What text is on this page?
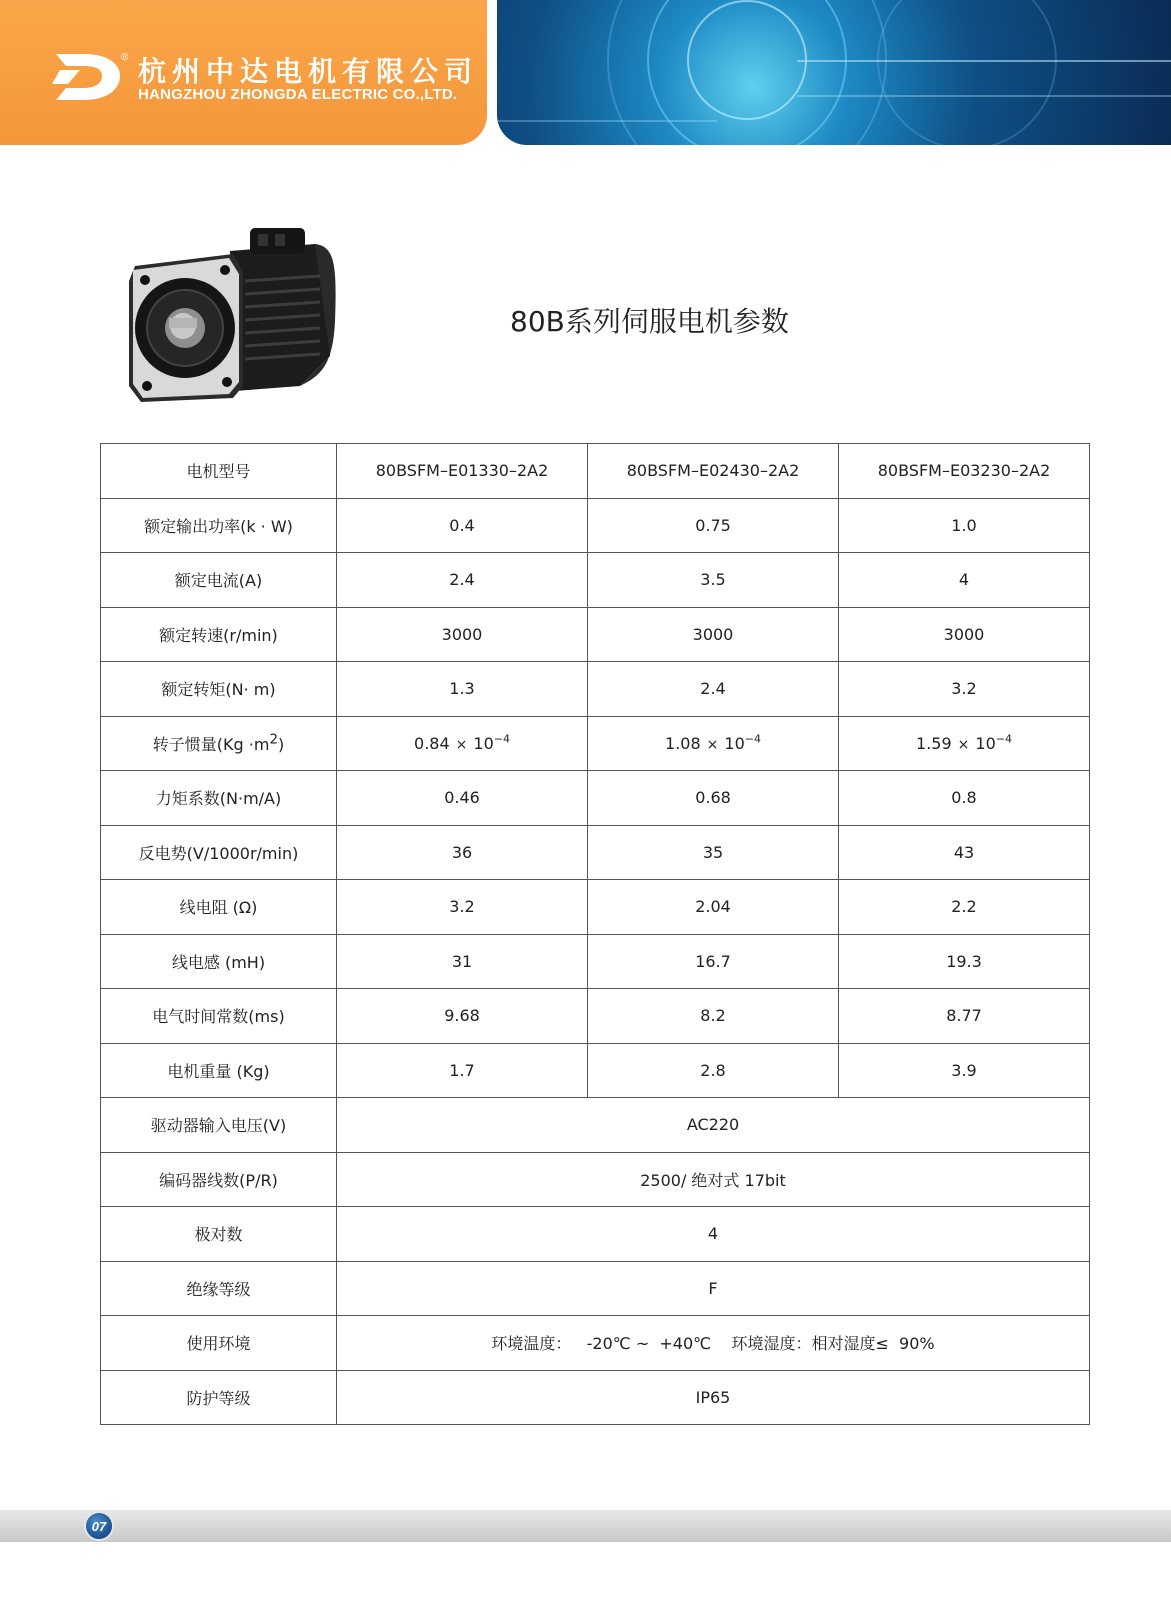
® 杭州中达电机有限公司
HANGZHOU ZHONGDA ELECTRIC CO.,LTD.
80B系列伺服电机参数
电机型号	80BSFM–E01330–2A2	80BSFM–E02430–2A2	80BSFM–E03230–2A2
额定输出功率(k · W)	0.4	0.75	1.0
额定电流(A)	2.4	3.5	4
额定转速(r/min)	3000	3000	3000
额定转矩(N· m)	1.3	2.4	3.2
转子惯量$(Kg \cdot m^2)$	$0.84 \times 10^{-4}$	$1.08 \times 10^{-4}$	$1.59 \times 10^{-4}$
力矩系数(N·m/A)	0.46	0.68	0.8
反电势(V/1000r/min)	36	35	43
线电阻 (Ω)	3.2	2.04	2.2
线电感 (mH)	31	16.7	19.3
电气时间常数(ms)	9.68	8.2	8.77
电机重量 (Kg)	1.7	2.8	3.9
驱动器输入电压(V)	AC220		
编码器线数(P/R)	2500/ 绝对式 17bit		
极对数	4		
绝缘等级	F		
使用环境	环境温度：   -20℃ ~  +40℃    环境湿度：相对湿度≤  90%		
防护等级	IP65		
07
